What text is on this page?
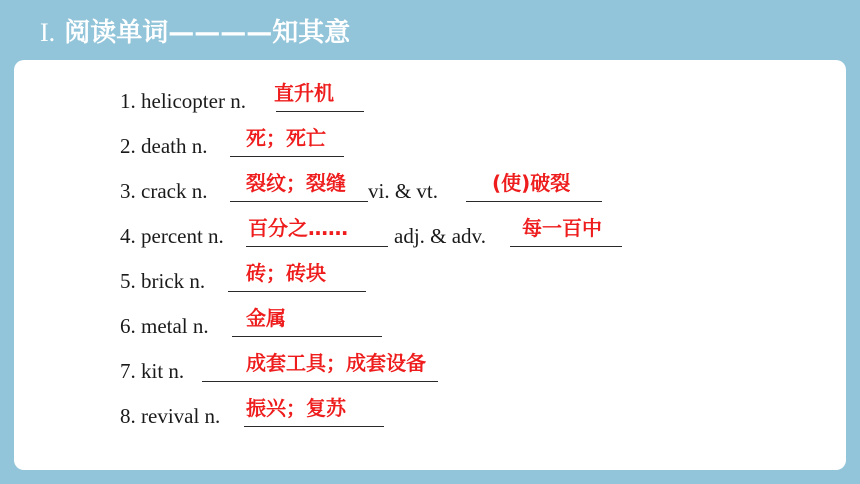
I. 阅读单词————知其意
1. helicopter n. 直升机
2. death n. 死；死亡
3. crack n. 裂纹；裂缝 vi. & vt.	(使)破裂
4. percent n. 百分之…… adj. & adv. 每一百中
5. brick n. 砖；砖块
6. metal n. 金属
7. kit n.	成套工具；成套设备
8. revival n. 振兴；复苏
